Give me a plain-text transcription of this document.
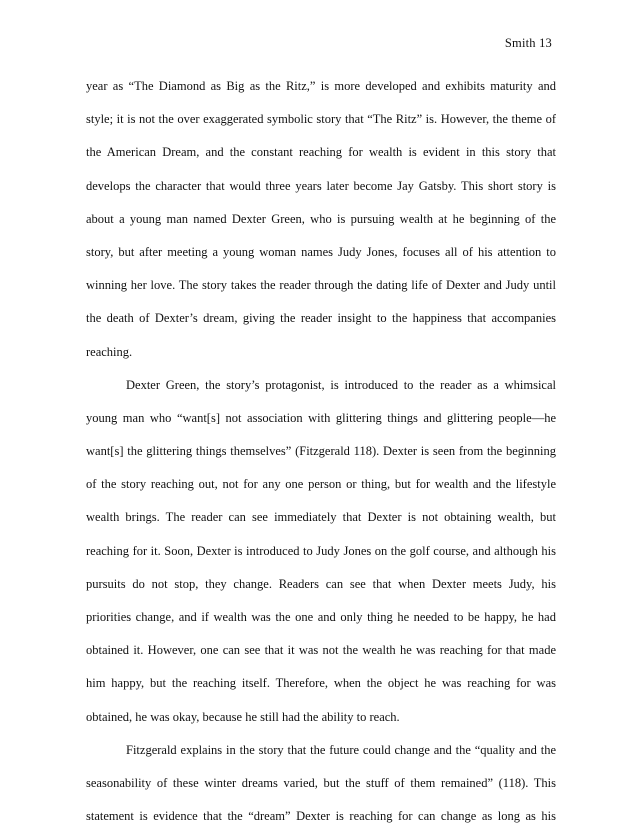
Smith 13
year as “The Diamond as Big as the Ritz,” is more developed and exhibits maturity and
style; it is not the over exaggerated symbolic story that “The Ritz” is. However, the theme of
the American Dream, and the constant reaching for wealth is evident in this story that
develops the character that would three years later become Jay Gatsby. This short story is
about a young man named Dexter Green, who is pursuing wealth at he beginning of the
story, but after meeting a young woman names Judy Jones, focuses all of his attention to
winning her love. The story takes the reader through the dating life of Dexter and Judy until
the death of Dexter’s dream, giving the reader insight to the happiness that accompanies
reaching.
Dexter Green, the story’s protagonist, is introduced to the reader as a whimsical
young man who “want[s] not association with glittering things and glittering people—he
want[s] the glittering things themselves” (Fitzgerald 118). Dexter is seen from the beginning
of the story reaching out, not for any one person or thing, but for wealth and the lifestyle
wealth brings. The reader can see immediately that Dexter is not obtaining wealth, but
reaching for it. Soon, Dexter is introduced to Judy Jones on the golf course, and although his
pursuits do not stop, they change. Readers can see that when Dexter meets Judy, his
priorities change, and if wealth was the one and only thing he needed to be happy, he had
obtained it. However, one can see that it was not the wealth he was reaching for that made
him happy, but the reaching itself. Therefore, when the object he was reaching for was
obtained, he was okay, because he still had the ability to reach.
Fitzgerald explains in the story that the future could change and the “quality and the
seasonability of these winter dreams varied, but the stuff of them remained” (118). This
statement is evidence that the “dream” Dexter is reaching for can change as long as his
